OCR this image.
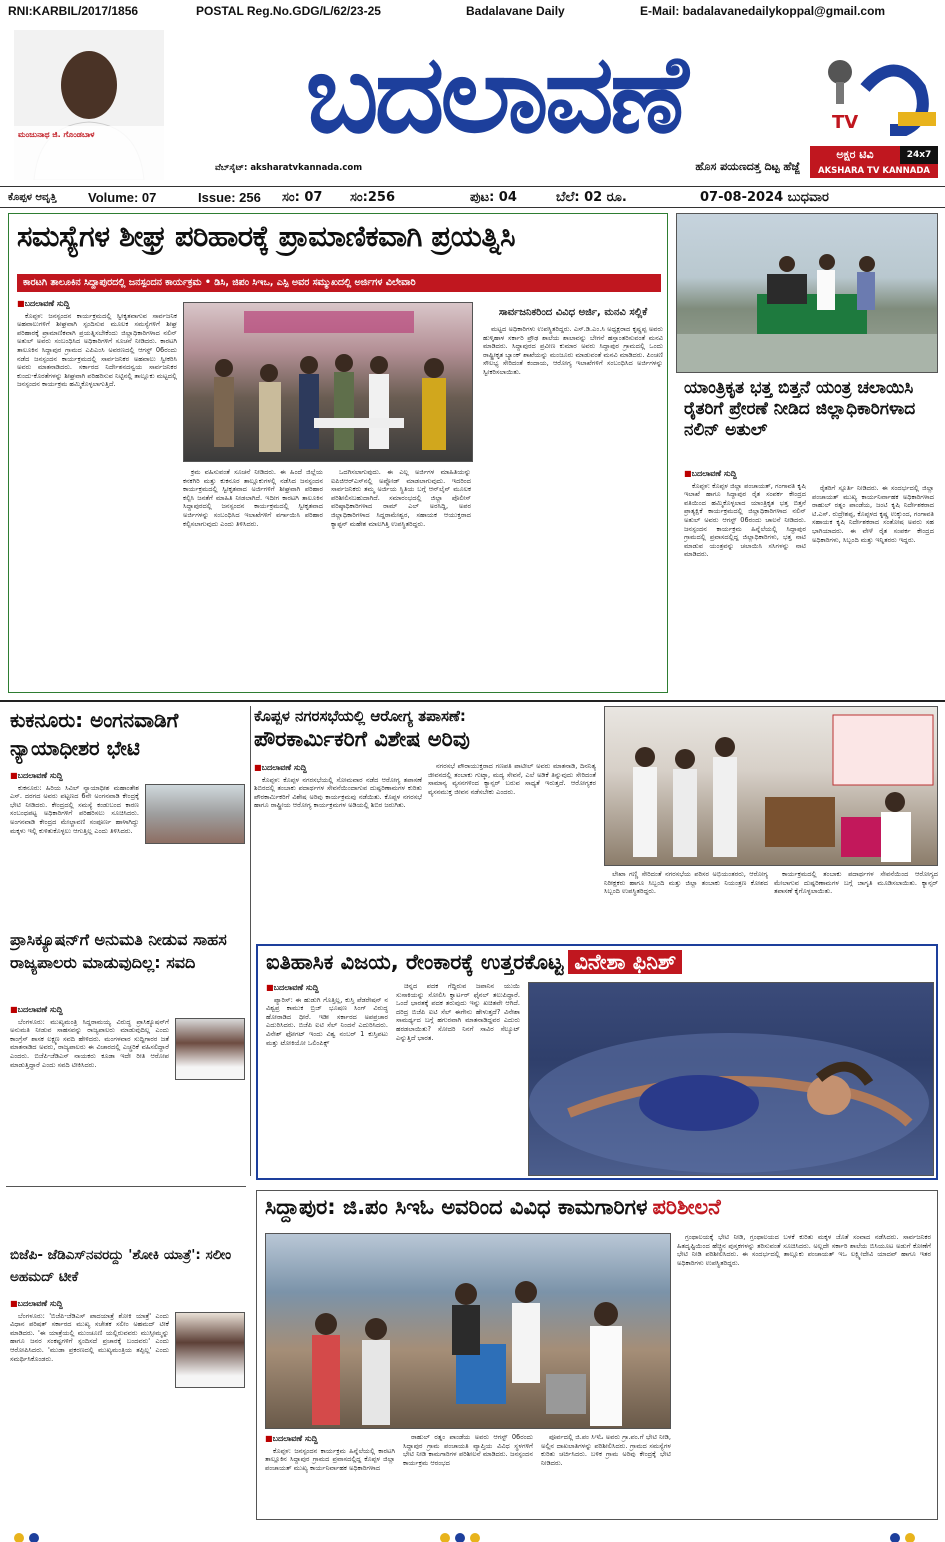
RNI:KARBIL/2017/1856	POSTAL Reg.No.GDG/L/62/23-25	Badalavane Daily	E-Mail: badalavanedailykoppal@gmail.com
ಮಂಜುನಾಥ ಜಿ. ಗೊಂಡಬಾಳ	ಬದಲಾವಣೆ
ವೆಬ್‌ಸೈಟ್: aksharatvkannada.com	ಹೊಸ ಪಯಣದತ್ತ ದಿಟ್ಟ ಹೆಜ್ಜೆ
TV
ಅಕ್ಷರ ಟಿವಿ	24x7
AKSHARA TV KANNADA
ಕೊಪ್ಪಳ ಆವೃತ್ತಿ Volume: 07	Issue: 256 ಸಂ: 07 ಸಂ:256	ಪುಟ: 04	ಬೆಲೆ: 02 ರೂ.	07-08-2024 ಬುಧವಾರ
ಸಮಸ್ಯೆಗಳ ಶೀಘ್ರ ಪರಿಹಾರಕ್ಕೆ ಪ್ರಾಮಾಣಿಕವಾಗಿ ಪ್ರಯತ್ನಿಸಿ
ಕಾರಟಗಿ ತಾಲೂಕಿನ ಸಿದ್ದಾಪುರದಲ್ಲಿ ಜನಸ್ಪಂದನ ಕಾರ್ಯಕ್ರಮ • ಡಿಸಿ, ಜಿಪಂ ಸಿಇಒ, ಎಸ್ಪಿ ಅವರ ಸಮ್ಮುಖದಲ್ಲಿ ಅರ್ಜಿಗಳ ವಿಲೇವಾರಿ
■ ಬದಲಾವಣೆ ಸುದ್ದಿ

ಕೊಪ್ಪಳ: ಜನಸ್ಪಂದನ ಕಾರ್ಯಕ್ರಮದಲ್ಲಿ ಸ್ವೀಕೃತವಾಗುವ ಸಾರ್ವಜನಿಕ ಅಹವಾಲುಗಳಿಗೆ ಶೀಘ್ರವಾಗಿ ಸ್ಪಂದಿಸುವ ಮೂಲಕ ಸಮಸ್ಯೆಗಳಿಗೆ ಶೀಘ್ರ ಪರಿಹಾರಕ್ಕೆ ಪ್ರಾಮಾಣಿಕವಾಗಿ ಪ್ರಯತ್ನಿಸಬೇಕೆಂದು ಜಿಲ್ಲಾಧಿಕಾರಿಗಳಾದ ನಲಿನ್ ಅತುಲ್ ಅವರು ಸಂಬಂಧಿಸಿದ ಅಧಿಕಾರಿಗಳಿಗೆ ಸೂಚನೆ ನೀಡಿದರು. ಕಾರಟಗಿ ತಾಲೂಕಿನ ಸಿದ್ದಾಪುರ ಗ್ರಾಮದ ಎಪಿಎಂಸಿ ಅವರಣದಲ್ಲಿ ಆಗಸ್ಟ್ 06ರಂದು ನಡೆದ ಜನಸ್ಪಂದನ ಕಾರ್ಯಕ್ರಮದಲ್ಲಿ ಸಾರ್ವಜನಿಕರ ಅಹವಾಲು ಸ್ವೀಕರಿಸಿ ಅವರು ಮಾತನಾಡಿದರು. ಸರ್ಕಾರದ ನಿರ್ದೇಶನದನ್ವಯ ಸಾರ್ವಜನಿಕರ ಕುಂದು-ಕೊರತೆಗಳನ್ನು ಶೀಘ್ರವಾಗಿ ಪರಿಹರಿಸುವ ನಿಟ್ಟಿನಲ್ಲಿ ತಾಲ್ಲೂಕು ಮಟ್ಟದಲ್ಲಿ ಜನಸ್ಪಂದನ ಕಾರ್ಯಕ್ರಮ ಹಮ್ಮಿಕೊಳ್ಳಲಾಗುತ್ತಿದೆ.

ಕ್ರಮ ವಹಿಸುವಂತೆ ಸೂಚನೆ ನೀಡಿದರು. ಈ ಹಿಂದೆ ಜಿಲ್ಲೆಯ ಕನಕಗಿರಿ ಮತ್ತು ಕುಕನೂರ ತಾಲ್ಲೂಕುಗಳಲ್ಲಿ ನಡೆಸಿದ ಜನಸ್ಪಂದನ ಕಾರ್ಯಕ್ರಮದಲ್ಲಿ ಸ್ವೀಕೃತವಾದ ಅರ್ಜಿಗಳಿಗೆ ಶೀಘ್ರವಾಗಿ ಪರಿಹಾರ ಕಲ್ಪಿಸಿ ಜನತೆಗೆ ಮಾಹಿತಿ ನೀಡಲಾಗಿದೆ. ಇದೀಗ ಕಾರಟಗಿ ತಾಲೂಕಿನ ಸಿದ್ದಾಪುರದಲ್ಲಿ ಜನಸ್ಪಂದನ ಕಾರ್ಯಕ್ರಮದಲ್ಲಿ ಸ್ವೀಕೃತವಾದ ಅರ್ಜಿಗಳನ್ನು ಸಂಬಂಧಿಸಿದ ಇಲಾಖೆಗಳಿಗೆ ವರ್ಗಾಯಿಸಿ ಪರಿಹಾರ ಕಲ್ಪಿಸಲಾಗುವುದು ಎಂದು ತಿಳಿಸಿದರು.

ಒದಗಿಸಲಾಗುವುದು. ಈ ಎಲ್ಲ ಅರ್ಜಿಗಳ ಮಾಹಿತಿಯನ್ನು ಐಪಿಜಿಆರ್‌ಎಸ್‌ನಲ್ಲಿ ಅಪ್ಲೋಡ್ ಮಾಡಲಾಗುವುದು. ಇದರಿಂದ ಸಾರ್ವಜನಿಕರು ತಮ್ಮ ಅರ್ಜಿಯ ಸ್ಥಿತಿಯ ಬಗ್ಗೆ ಆನ್‌ಲೈನ್ ಮೂಲಕ ಪರಿಶೀಲಿಸಬಹುದಾಗಿದೆ. ಸಮಾರಂಭದಲ್ಲಿ ಜಿಲ್ಲಾ ಪೊಲೀಸ್ ವರಿಷ್ಠಾಧಿಕಾರಿಗಳಾದ ರಾಮ್ ಎಲ್ ಅರಸಿದ್ದಿ, ಅಪರ ಜಿಲ್ಲಾಧಿಕಾರಿಗಳಾದ ಸಿದ್ದರಾಮೇಶ್ವರ, ಸಹಾಯಕ ಆಯುಕ್ತರಾದ ಕ್ಯಾಪ್ಟನ್ ಮಹೇಶ ಮಾಲಗಿತ್ತಿ ಉಪಸ್ಥಿತರಿದ್ದರು.

ಸಾರ್ವಜನಿಕರಿಂದ ವಿವಿಧ ಅರ್ಜಿ, ಮನವಿ ಸಲ್ಲಿಕೆ

ಮಟ್ಟದ ಅಧಿಕಾರಿಗಳು ಉಪಸ್ಥಿತರಿದ್ದರು. ಎಸ್.ಡಿ.ಎಂ.ಸಿ ಅಧ್ಯಕ್ಷರಾದ ಕೃಷ್ಣಪ್ಪ ಅವರು ಹುಳ್ಕಿಹಾಳ ಸರ್ಕಾರಿ ಪ್ರೌಢ ಶಾಲೆಯ ಶಾಲಾವನ್ನು ಬೇಗನೆ ಹಸ್ತಾಂತರಿಸುವಂತೆ ಮನವಿ ಮಾಡಿದರು. ಸಿದ್ದಾಪುರದ ಪ್ರವೀಣ ಕುಮಾರ ಅವರು ಸಿದ್ದಾಪುರ ಗ್ರಾಮದಲ್ಲಿ ಒಂದು ರಾಷ್ಟ್ರೀಕೃತ ಬ್ಯಾಂಕ್ ಶಾಖೆಯನ್ನು ಮಂಜೂರು ಮಾಡುವಂತೆ ಮನವಿ ಮಾಡಿದರು. ಪಿಂಚಣಿ ಸೌಲಭ್ಯ ಸೇರಿದಂತೆ ಕಂದಾಯ, ಆರೋಗ್ಯ ಇಲಾಖೆಗಳಿಗೆ ಸಂಬಂಧಿಸಿದ ಅರ್ಜಿಗಳನ್ನು ಸ್ವೀಕರಿಸಲಾಯಿತು.

ಯಾಂತ್ರಿಕೃತ ಭತ್ತ ಬಿತ್ತನೆ ಯಂತ್ರ ಚಲಾಯಿಸಿ ರೈತರಿಗೆ ಪ್ರೇರಣೆ ನೀಡಿದ ಜಿಲ್ಲಾಧಿಕಾರಿಗಳಾದ ನಲಿನ್ ಅತುಲ್
■ ಬದಲಾವಣೆ ಸುದ್ದಿ

ಕೊಪ್ಪಳ: ಕೊಪ್ಪಳ ಜಿಲ್ಲಾ ಪಂಚಾಯತ್, ಗಂಗಾವತಿ ಕೃಷಿ ಇಲಾಖೆ ಹಾಗೂ ಸಿದ್ದಾಪುರ ರೈತ ಸಂಪರ್ಕ ಕೇಂದ್ರದ ವತಿಯಿಂದ ಹಮ್ಮಿಕೊಳ್ಳಲಾದ ಯಾಂತ್ರಿಕೃತ ಭತ್ತ ಬಿತ್ತನೆ ಪ್ರಾತ್ಯಕ್ಷಿಕೆ ಕಾರ್ಯಕ್ರಮದಲ್ಲಿ ಜಿಲ್ಲಾಧಿಕಾರಿಗಳಾದ ನಲಿನ್ ಅತುಲ್ ಅವರು ಆಗಸ್ಟ್ 06ರಂದು ಚಾಲನೆ ನೀಡಿದರು. ಜನಸ್ಪಂದನ ಕಾರ್ಯಕ್ರಮ ಹಿನ್ನೆಲೆಯಲ್ಲಿ ಸಿದ್ದಾಪುರ ಗ್ರಾಮದಲ್ಲಿ ಪ್ರವಾಸದಲ್ಲಿದ್ದ ಜಿಲ್ಲಾಧಿಕಾರಿಗಳು, ಭತ್ತ ನಾಟಿ ಮಾಡುವ ಯಂತ್ರವನ್ನು ಚಲಾಯಿಸಿ ಸಸಿಗಳನ್ನು ನಾಟಿ ಮಾಡಿದರು.

ರೈತರಿಗೆ ಸ್ಪೂರ್ತಿ ನೀಡಿದರು. ಈ ಸಂದರ್ಭದಲ್ಲಿ ಜಿಲ್ಲಾ ಪಂಚಾಯತ್ ಮುಖ್ಯ ಕಾರ್ಯನಿರ್ವಾಹಕ ಅಧಿಕಾರಿಗಳಾದ ರಾಹುಲ್ ರತ್ನಂ ಪಾಂಡೆಯ, ಜಂಟಿ ಕೃಷಿ ನಿರ್ದೇಶಕರಾದ ಟಿ.ಎಸ್. ರುದ್ರೇಶಪ್ಪ, ಕೊಪ್ಪಳದ ಕೃಷ್ಣ ಉಕ್ಕುಂದ, ಗಂಗಾವತಿ ಸಹಾಯಕ ಕೃಷಿ ನಿರ್ದೇಶಕರಾದ ಸಂತೋಷ ಅವರು ಸಹ ಭಾಗಿಯಾದರು. ಈ ವೇಳೆ ರೈತ ಸಂಪರ್ಕ ಕೇಂದ್ರದ ಅಧಿಕಾರಿಗಳು, ಸಿಬ್ಬಂದಿ ಮತ್ತು ಇನ್ನಿತರರು ಇದ್ದರು.

ಕುಕನೂರು: ಅಂಗನವಾಡಿಗೆ ನ್ಯಾಯಾಧೀಶರ ಭೇಟಿ
■ ಬದಲಾವಣೆ ಸುದ್ದಿ

ಕುಕನೂರು: ಹಿರಿಯ ಸಿವಿಲ್ ನ್ಯಾಯಾಧೀಶ ಮಹಾಂತೇಶ ಎಸ್. ದರಗದ ಅವರು ಪಟ್ಟಣದ 6ನೇ ಅಂಗನವಾಡಿ ಕೇಂದ್ರಕ್ಕೆ ಭೇಟಿ ನೀಡಿದರು. ಕೇಂದ್ರದಲ್ಲಿ ಸಮಸ್ಯೆ ಕಂಡುಬಂದ ಕಾರಣ ಸಂಬಂಧಪಟ್ಟ ಅಧಿಕಾರಿಗಳಿಗೆ ಪರಿಹರಿಸಲು ಸೂಚಿಸಿದರು. ಅಂಗನವಾಡಿ ಕೇಂದ್ರದ ಮೇಲ್ಚಾವಣಿ ಸಂಪೂರ್ಣ ಹಾಳಾಗಿದ್ದು ಮಕ್ಕಳು ಇಲ್ಲಿ ಕುಳಿತುಕೊಳ್ಳಲು ಆಗುತ್ತಿಲ್ಲ ಎಂದು ತಿಳಿಸಿದರು.

ಕೊಪ್ಪಳ ನಗರಸಭೆಯಲ್ಲಿ ಆರೋಗ್ಯ ತಪಾಸಣೆ:
ಪೌರಕಾರ್ಮಿಕರಿಗೆ ವಿಶೇಷ ಅರಿವು
■ ಬದಲಾವಣೆ ಸುದ್ದಿ

ಕೊಪ್ಪಳ: ಕೊಪ್ಪಳ ನಗರಸಭೆಯಲ್ಲಿ ಸೋಮವಾರ ನಡೆದ ಆರೋಗ್ಯ ತಪಾಸಣೆ ಶಿಬಿರದಲ್ಲಿ ತಂಬಾಕು ಪದಾರ್ಥಗಳ ಸೇವನೆಯಿಂದಾಗುವ ದುಷ್ಪರಿಣಾಮಗಳ ಕುರಿತು ಪೌರಕಾರ್ಮಿಕರಿಗೆ ವಿಶೇಷ ಅರಿವು ಕಾರ್ಯಕ್ರಮವು ನಡೆಯಿತು. ಕೊಪ್ಪಳ ನಗರಸಭೆ ಹಾಗೂ ರಾಷ್ಟ್ರೀಯ ಆರೋಗ್ಯ ಕಾರ್ಯಕ್ರಮಗಳ ಅಡಿಯಲ್ಲಿ ಶಿಬಿರ ಜರುಗಿತು.

ನಗರಸಭೆ ಪೌರಾಯುಕ್ತರಾದ ಗಣಪತಿ ಪಾಟೀಲ್ ಅವರು ಮಾತನಾಡಿ, ದಿನನಿತ್ಯ ಜೀವನದಲ್ಲಿ ತಂಬಾಕು ಗುಟ್ಕಾ, ಮದ್ಯ ಸೇವನೆ, ಎಲೆ ಅಡಿಕೆ ತಿನ್ನುವುದು ಸೇರಿದಂತೆ ಸಾಮಾನ್ಯ ವ್ಯಸನಗಳಿಂದ ಕ್ಯಾನ್ಸರ್ ಬರುವ ಸಾಧ್ಯತೆ ಇರುತ್ತದೆ. ಆರೋಗ್ಯಕರ ವ್ಯಸನಮುಕ್ತ ಜೀವನ ನಡೆಸಬೇಕು ಎಂದರು.

ಲೇಖಾ ಗಣ್ಣಿ ಸೇರಿದಂತೆ ನಗರಸಭೆಯ ಪರಿಸರ ಅಭಿಯಂತರರು, ಆರೋಗ್ಯ ನಿರೀಕ್ಷಕರು ಹಾಗೂ ಸಿಬ್ಬಂದಿ ಮತ್ತು ಜಿಲ್ಲಾ ತಂಬಾಕು ನಿಯಂತ್ರಣ ಕೋಶದ ಸಿಬ್ಬಂದಿ ಉಪಸ್ಥಿತರಿದ್ದರು.

ಕಾರ್ಯಕ್ರಮದಲ್ಲಿ ತಂಬಾಕು ಪದಾರ್ಥಗಳ ಸೇವನೆಯಿಂದ ಆರೋಗ್ಯದ ಮೇಲಾಗುವ ದುಷ್ಪರಿಣಾಮಗಳ ಬಗ್ಗೆ ಜಾಗೃತಿ ಮೂಡಿಸಲಾಯಿತು. ಕ್ಯಾನ್ಸರ್ ತಪಾಸಣೆ ಕೈಗೊಳ್ಳಲಾಯಿತು.

ಪ್ರಾಸಿಕ್ಯೂಷನ್‌ಗೆ ಅನುಮತಿ ನೀಡುವ ಸಾಹಸ ರಾಜ್ಯಪಾಲರು ಮಾಡುವುದಿಲ್ಲ: ಸವದಿ
■ ಬದಲಾವಣೆ ಸುದ್ದಿ

ಬೆಂಗಳೂರು: ಮುಖ್ಯಮಂತ್ರಿ ಸಿದ್ದರಾಮಯ್ಯ ವಿರುದ್ಧ ಪ್ರಾಸಿಕ್ಯೂಷನ್‌ಗೆ ಅನುಮತಿ ನೀಡುವ ಸಾಹಸವನ್ನು ರಾಜ್ಯಪಾಲರು ಮಾಡುವುದಿಲ್ಲ ಎಂದು ಕಾಂಗ್ರೆಸ್ ಶಾಸಕ ಲಕ್ಷ್ಮಣ ಸವದಿ ಹೇಳಿದರು. ಮಂಗಳವಾರ ಸುದ್ದಿಗಾರರ ಜತೆ ಮಾತನಾಡಿದ ಅವರು, ರಾಜ್ಯಪಾಲರು ಈ ವಿಚಾರದಲ್ಲಿ ಎಚ್ಚರಿಕೆ ವಹಿಸಲಿದ್ದಾರೆ ಎಂದರು. ಬಿಜೆಪಿ-ಜೆಡಿಎಸ್ ನಾಯಕರು ಕೂಡಾ ಇದೇ ರೀತಿ ಆರೋಪ ಮಾಡುತ್ತಿದ್ದಾರೆ ಎಂದು ಸವದಿ ಟೀಕಿಸಿದರು.

ಐತಿಹಾಸಿಕ ವಿಜಯ, ರೇಂಕಾರಕ್ಕೆ ಉತ್ತರಕೊಟ್ಟ ವಿನೇಶಾ ಫಿನಿಶ್
■ ಬದಲಾವಣೆ ಸುದ್ದಿ

ಪ್ಯಾರಿಸ್: ಈ ಹುಡುಗಿ ಗೊತ್ತಿಲ್ಲ, ಕುಸ್ತಿ ಪೆಡರೇಷನ್ ನ ವಿಶ್ವಪ್ರ ಕಾಮುಕ ಬ್ರಿಜ್ ಭೂಷಣ ಸಿಂಗ್ ವಿರುದ್ಧ ಹೋರಾಡಿದ ಧೀರೆ. ಇಡೀ ಸರ್ಕಾರದ ಅಪಪ್ರಚಾರ ಎದುರಿಸಿದರು. ಬಿಜೆಪಿ ಐಟಿ ಸೆಲ್ ನಿಂದನೆ ಎದುರಿಸಿದರು. ವಿನೇಶ್ ಫೋಗಟ್ ಇಂದು ವಿಶ್ವ ನಂಬರ್ 1 ಕುಸ್ತಿಪಟು ಮತ್ತು ಟೋಕಿಯೋ ಒಲಿಂಪಿಕ್ಸ್

ಚಿನ್ನದ ಪದಕ ಗೆದ್ದಿರುವ ಜಪಾನಿನ ಯುಯಿ ಸುಸಾಕಿಯನ್ನು ಸೋಲಿಸಿ ಕ್ವಾರ್ಟರ್ ಫೈನಲ್ ತಲುಪಿದ್ದಾರೆ. ಒಂದೆ ಭಾರತಕ್ಕೆ ಪದಕ ತರುವುದು ಇನ್ನು ಖಚಿತವೇ ಆಗಿದೆ. ದರಿದ್ರ ಬಿಜೆಪಿ ಐಟಿ ಸೆಲ್ ಈಗೇನು ಹೇಳುತ್ತದೆ? ವಿನೇಶಾ ಸಾಮರ್ಥ್ಯದ ಬಗ್ಗೆ ಹಗುರವಾಗಿ ಮಾತನಾಡಿದ್ದವರ ಎದುರು ಹರಡಲಾಯಿತು? ಸೋದರಿ ನಿನಗೆ ಸಾವಿರ ಸೆಲ್ಯೂಟ್ ಎನ್ನುತ್ತಿದೆ ಭಾರತ.

ಬಿಜೆಪಿ- ಜೆಡಿಎಸ್‌ನವರದ್ದು 'ಶೋಕಿ ಯಾತ್ರೆ': ಸಲೀಂ ಅಹಮದ್ ಟೀಕೆ
■ ಬದಲಾವಣೆ ಸುದ್ದಿ

ಬೆಂಗಳೂರು: 'ಬಿಜೆಪಿ-ಜೆಡಿಎಸ್ ಪಾದಯಾತ್ರೆ ಶೋಕಿ ಯಾತ್ರೆ' ಎಂದು ವಿಧಾನ ಪರಿಷತ್ ಸರ್ಕಾರದ ಮುಖ್ಯ ಸಚೇತಕ ಸಲೀಂ ಅಹಮದ್ ಟೀಕೆ ಮಾಡಿದರು. 'ಈ ಯಾತ್ರೆಯಲ್ಲಿ ಮುಂಚೂಣಿ ಯಲ್ಲಿರುವವರು ಮುಸ್ಸೀಮ್ಮನ್ನು ಹಾಗೂ ಜನರ ಸಂಕಷ್ಟಗಳಿಗೆ ಸ್ಪಂದಿಸದೆ ಪ್ರಚಾರಕ್ಕೆ ಬಂದವರು' ಎಂದು ಆರೋಪಿಸಿದರು. 'ಮುಡಾ ಪ್ರಕರಣದಲ್ಲಿ ಮುಖ್ಯಮಂತ್ರಿಯ ತಪ್ಪಿಲ್ಲ' ಎಂದು ಸಮರ್ಥಿಸಿಕೊಂಡರು.

ಸಿದ್ದಾಪುರ: ಜಿ.ಪಂ ಸಿಇಓ ಅವರಿಂದ ವಿವಿಧ ಕಾಮಗಾರಿಗಳ ಪರಿಶೀಲನೆ

ಗ್ರಂಥಾಲಯಕ್ಕೆ ಭೇಟಿ ನೀಡಿ, ಗ್ರಂಥಾಲಯದ ಬಳಕೆ ಕುರಿತು ಮಕ್ಕಳ ಜೊತೆ ಸಂವಾದ ನಡೆಸಿದರು. ಸಾರ್ವಜನಿಕರ ಹಿತದೃಷ್ಟಿಯಿಂದ ಹೆಚ್ಚಿನ ಪುಸ್ತಕಗಳನ್ನು ತರಿಸುವಂತೆ ಸೂಚಿಸಿದರು. ಅಲ್ಲದೇ ಸರ್ಕಾರಿ ಶಾಲೆಯ ಬಿಸಿಯೂಟ ಅಡುಗೆ ಕೋಣೆಗೆ ಭೇಟಿ ನೀಡಿ ಪರಿಶೀಲಿಸಿದರು. ಈ ಸಂದರ್ಭದಲ್ಲಿ ತಾಲ್ಲೂಕು ಪಂಚಾಯತ್ ಇಒ ಲಕ್ಷ್ಮೀದೇವಿ ಯಾದವ್ ಹಾಗೂ ಇತರ ಅಧಿಕಾರಿಗಳು ಉಪಸ್ಥಿತರಿದ್ದರು.

■ ಬದಲಾವಣೆ ಸುದ್ದಿ

ಕೊಪ್ಪಳ: ಜನಸ್ಪಂದನ ಕಾರ್ಯಕ್ರಮ ಹಿನ್ನೆಲೆಯಲ್ಲಿ ಕಾರಟಗಿ ತಾಲ್ಲೂಕಿನ ಸಿದ್ದಾಪುರ ಗ್ರಾಮದ ಪ್ರವಾಸದಲ್ಲಿದ್ದ ಕೊಪ್ಪಳ ಜಿಲ್ಲಾ ಪಂಚಾಯತ್ ಮುಖ್ಯ ಕಾರ್ಯನಿರ್ವಾಹಕ ಅಧಿಕಾರಿಗಳಾದ

ರಾಹುಲ್ ರತ್ನಂ ಪಾಂಡೆಯ ಅವರು ಆಗಸ್ಟ್ 06ರಂದು ಸಿದ್ದಾಪುರ ಗ್ರಾಮ ಪಂಚಾಯತಿ ವ್ಯಾಪ್ತಿಯ ವಿವಿಧ ಸ್ಥಳಗಳಿಗೆ ಭೇಟಿ ನೀಡಿ ಕಾಮಗಾರಿಗಳ ಪರಿಶೀಲನೆ ಮಾಡಿದರು. ಜನಸ್ಪಂದನ ಕಾರ್ಯಕ್ರಮ ಆರಂಭದ

ಪೂರ್ವದಲ್ಲಿ ಜಿ.ಪಂ ಸಿಇಓ ಅವರು ಗ್ರಾ.ಪಂ.ಗೆ ಭೇಟಿ ನೀಡಿ, ಅಲ್ಲಿನ ದಾಖಲಾತಿಗಳನ್ನು ಪರಿಶೀಲಿಸಿದರು. ಗ್ರಾಮದ ಸಮಸ್ಯೆಗಳ ಕುರಿತು ಚರ್ಚಿಸಿದರು. ಬಳಿಕ ಗ್ರಾಮ ಅರಿವು ಕೇಂದ್ರಕ್ಕೆ ಭೇಟಿ ನೀಡಿದರು.
